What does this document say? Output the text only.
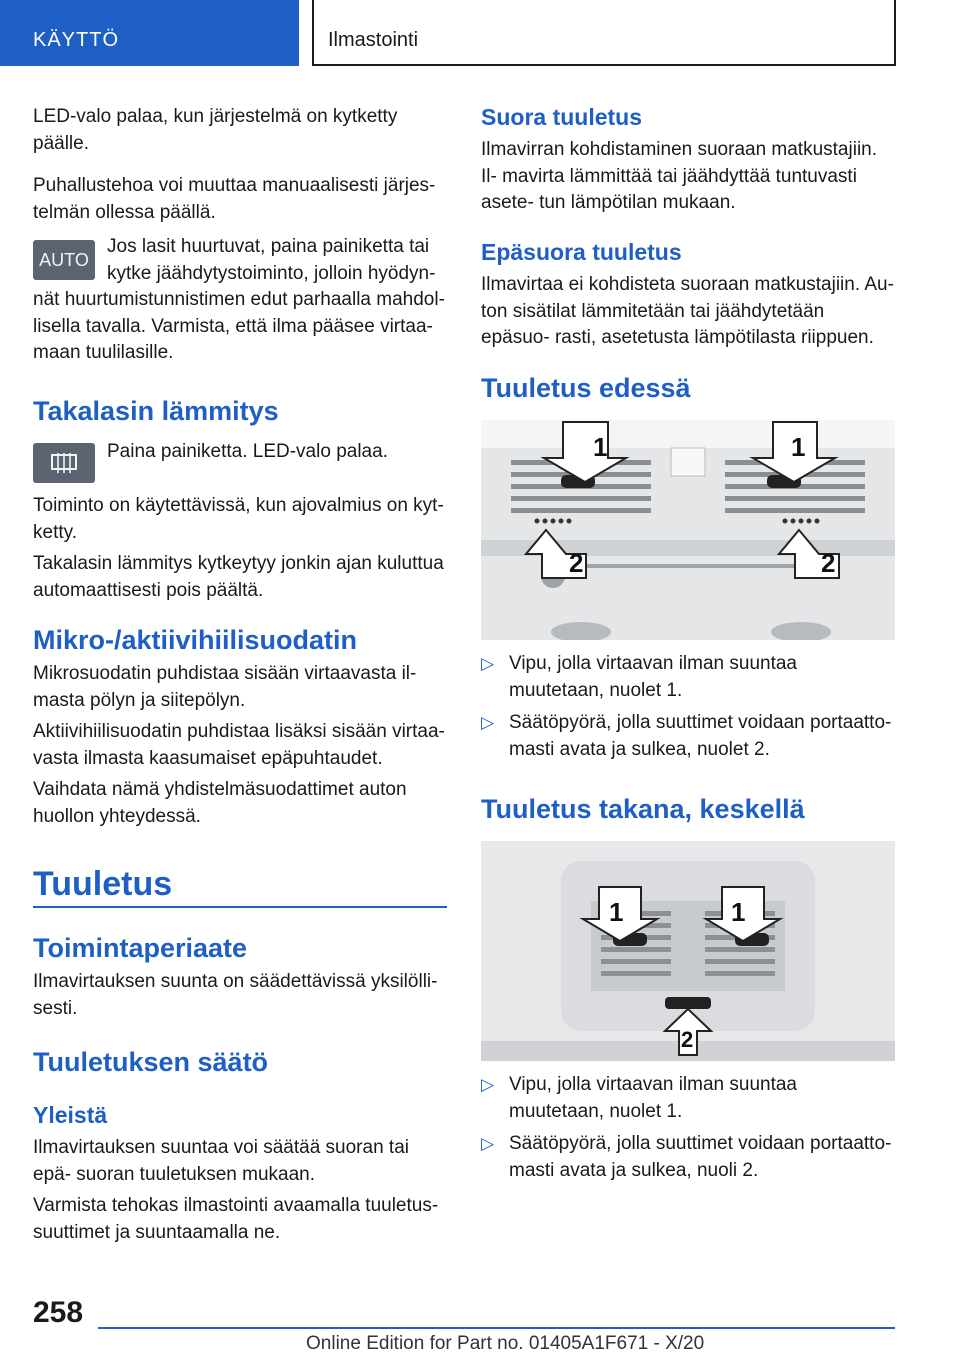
KÄYTTÖ	Ilmastointi

LED-valo palaa, kun järjestelmä on kytketty päälle.

Puhallustehoa voi muuttaa manuaalisesti järjes- telmän ollessa päällä.

AUTO

Jos lasit huurtuvat, paina painiketta tai kytke jäähdytystoiminto, jolloin hyödyn-

nät huurtumistunnistimen edut parhaalla mahdol- lisella tavalla. Varmista, että ilma pääsee virtaa- maan tuulilasille.

Takalasin lämmitys

Paina painiketta. LED-valo palaa.

Toiminto on käytettävissä, kun ajovalmius on kyt- ketty.

Takalasin lämmitys kytkeytyy jonkin ajan kuluttua automaattisesti pois päältä.

Mikro-/aktiivihiilisuodatin

Mikrosuodatin puhdistaa sisään virtaavasta il- masta pölyn ja siitepölyn.

Aktiivihiilisuodatin puhdistaa lisäksi sisään virtaa- vasta ilmasta kaasumaiset epäpuhtaudet.

Vaihdata nämä yhdistelmäsuodattimet auton huollon yhteydessä.

Tuuletus
Toimintaperiaate

Ilmavirtauksen suunta on säädettävissä yksilölli- sesti.

Tuuletuksen säätö
Yleistä

Ilmavirtauksen suuntaa voi säätää suoran tai epä- suoran tuuletuksen mukaan.

Varmista tehokas ilmastointi avaamalla tuuletus- suuttimet ja suuntaamalla ne.

Suora tuuletus

Ilmavirran kohdistaminen suoraan matkustajiin. Il- mavirta lämmittää tai jäähdyttää tuntuvasti asete- tun lämpötilan mukaan.

Epäsuora tuuletus

Ilmavirtaa ei kohdisteta suoraan matkustajiin. Au- ton sisätilat lämmitetään tai jäähdytetään epäsuo- rasti, asetetusta lämpötilasta riippuen.

Tuuletus edessä
1	1
2	2
▷ Vipu, jolla virtaavan ilman suuntaa muutetaan, nuolet 1.

▷ Säätöpyörä, jolla suuttimet voidaan portaatto- masti avata ja sulkea, nuolet 2.

Tuuletus takana, keskellä
1	1
2
▷ Vipu, jolla virtaavan ilman suuntaa muutetaan, nuolet 1.

▷ Säätöpyörä, jolla suuttimet voidaan portaatto- masti avata ja sulkea, nuoli 2.

258
Online Edition for Part no. 01405A1F671 - X/20
